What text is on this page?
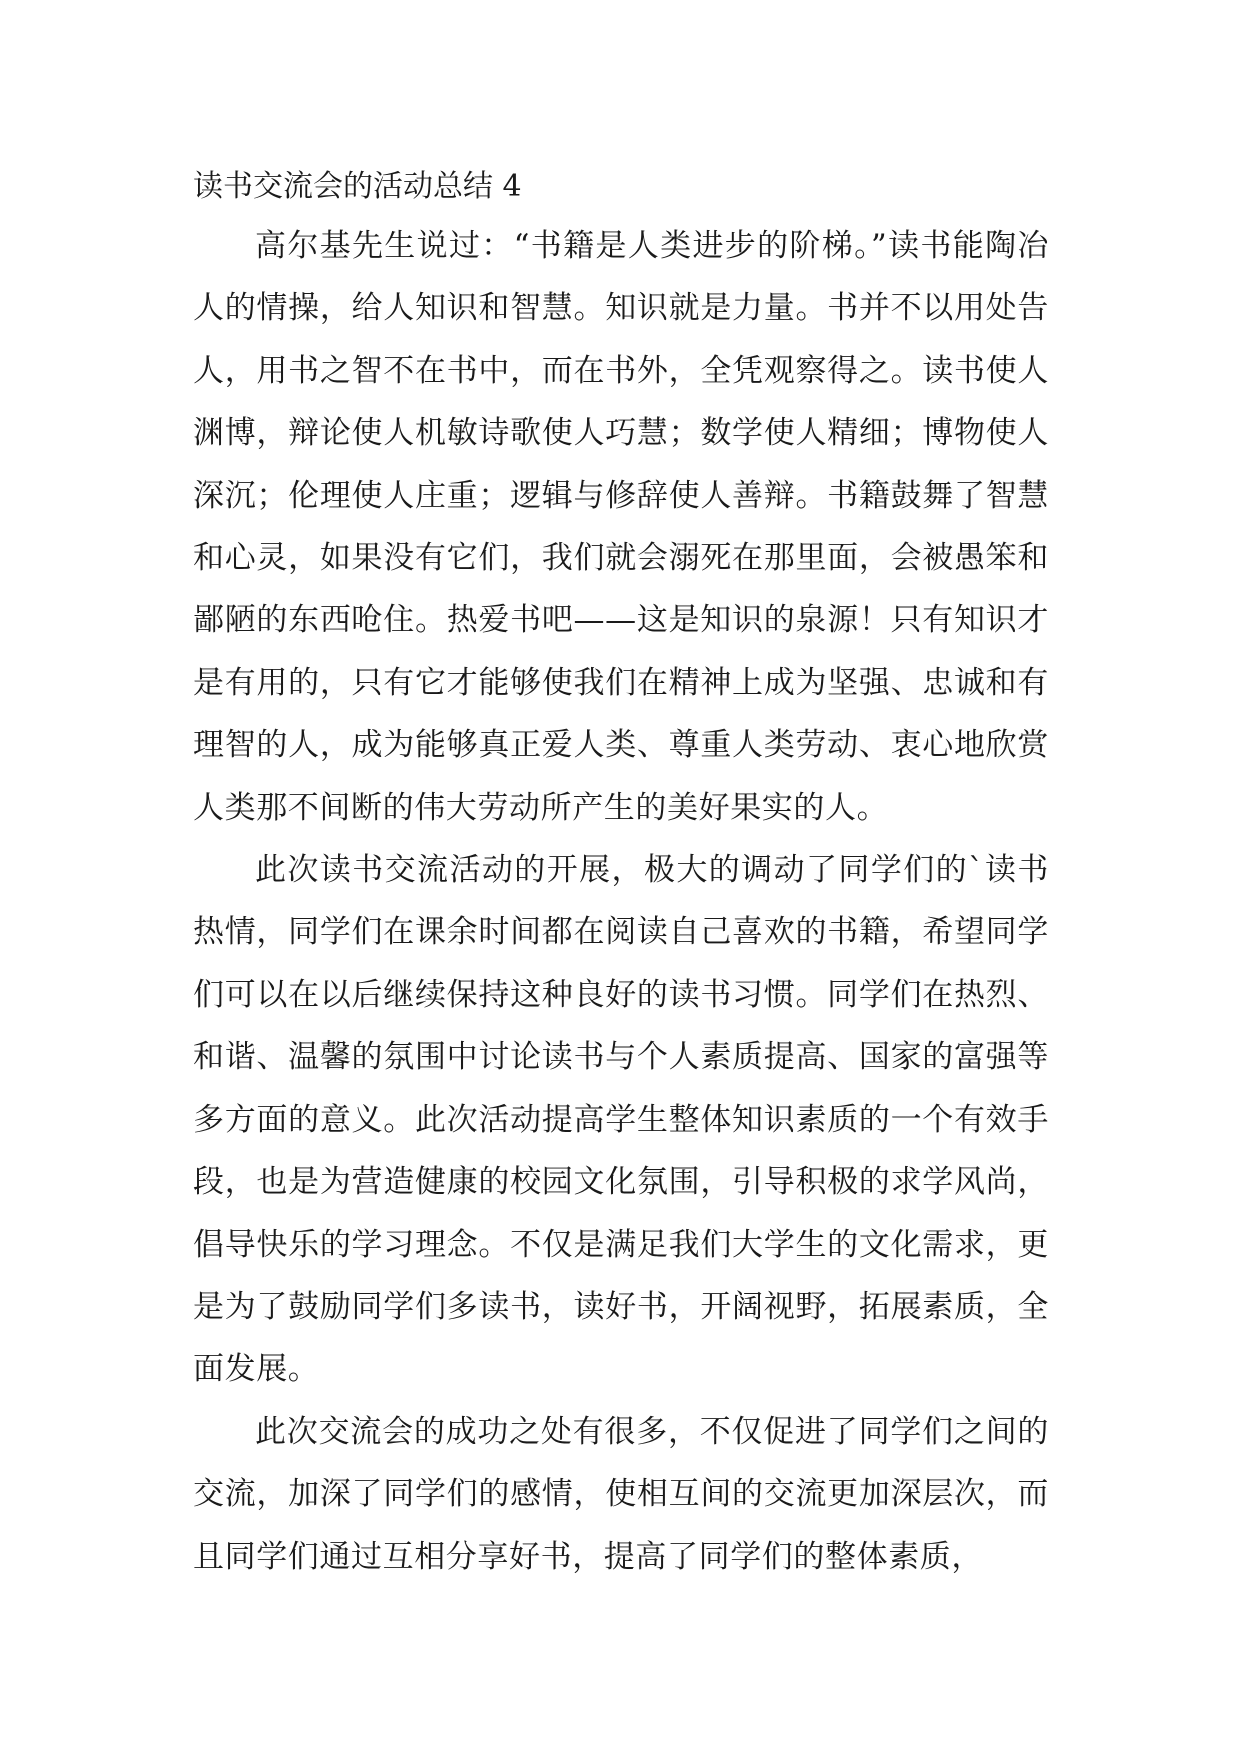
读书交流会的活动总结 4

高尔基先生说过：“书籍是人类进步的阶梯。”读书能陶冶人的情操，给人知识和智慧。知识就是力量。书并不以用处告人，用书之智不在书中，而在书外，全凭观察得之。读书使人渊博，辩论使人机敏诗歌使人巧慧；数学使人精细；博物使人深沉；伦理使人庄重；逻辑与修辞使人善辩。书籍鼓舞了智慧和心灵，如果没有它们，我们就会溺死在那里面，会被愚笨和鄙陋的东西呛住。热爱书吧——这是知识的泉源！只有知识才是有用的，只有它才能够使我们在精神上成为坚强、忠诚和有理智的人，成为能够真正爱人类、尊重人类劳动、衷心地欣赏人类那不间断的伟大劳动所产生的美好果实的人。

此次读书交流活动的开展，极大的调动了同学们的`读书热情，同学们在课余时间都在阅读自己喜欢的书籍，希望同学们可以在以后继续保持这种良好的读书习惯。同学们在热烈、和谐、温馨的氛围中讨论读书与个人素质提高、国家的富强等多方面的意义。此次活动提高学生整体知识素质的一个有效手段，也是为营造健康的校园文化氛围，引导积极的求学风尚，倡导快乐的学习理念。不仅是满足我们大学生的文化需求，更是为了鼓励同学们多读书，读好书，开阔视野，拓展素质，全面发展。

此次交流会的成功之处有很多，不仅促进了同学们之间的交流，加深了同学们的感情，使相互间的交流更加深层次，而且同学们通过互相分享好书，提高了同学们的整体素质，
